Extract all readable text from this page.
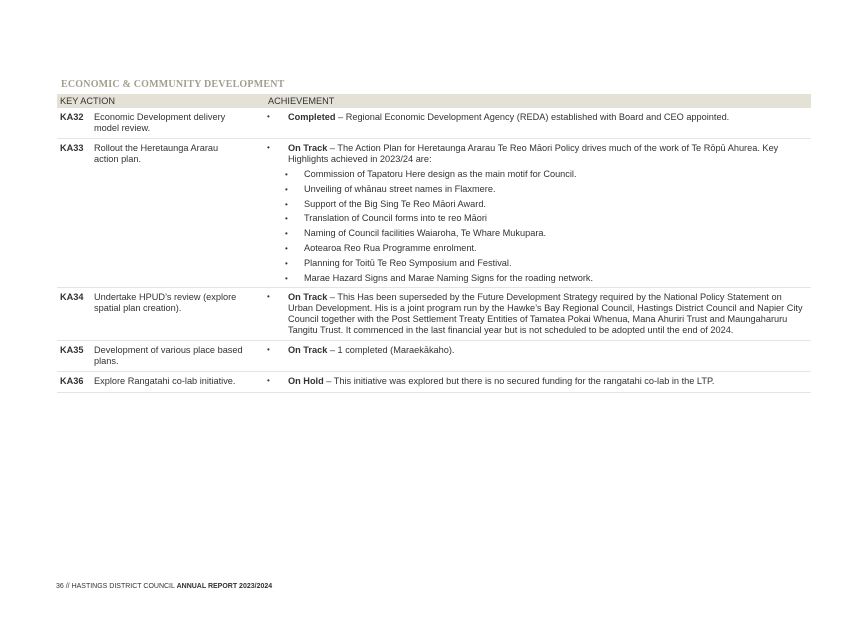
ECONOMIC & COMMUNITY DEVELOPMENT
KEY ACTION	ACHIEVEMENT
KA32 Economic Development delivery model review.
• Completed – Regional Economic Development Agency (REDA) established with Board and CEO appointed.
KA33 Rollout the Heretaunga Ararau action plan.
• On Track – The Action Plan for Heretaunga Ararau Te Reo Māori Policy drives much of the work of Te Rōpū Ahurea. Key Highlights achieved in 2023/24 are:
• Commission of Tapatoru Here design as the main motif for Council.
• Unveiling of whānau street names in Flaxmere.
• Support of the Big Sing Te Reo Māori Award.
• Translation of Council forms into te reo Māori
• Naming of Council facilities Waiaroha, Te Whare Mukupara.
• Aotearoa Reo Rua Programme enrolment.
• Planning for Toitū Te Reo Symposium and Festival.
• Marae Hazard Signs and Marae Naming Signs for the roading network.
KA34 Undertake HPUD’s review (explore spatial plan creation).
• On Track – This Has been superseded by the Future Development Strategy required by the National Policy Statement on Urban Development. His is a joint program run by the Hawke’s Bay Regional Council, Hastings District Council and Napier City Council together with the Post Settlement Treaty Entities of Tamatea Pokai Whenua, Mana Ahuriri Trust and Maungaharuru Tangitu Trust. It commenced in the last financial year but is not scheduled to be adopted until the end of 2024.
KA35 Development of various place based plans.
• On Track – 1 completed (Maraekākaho).
KA36 Explore Rangatahi co-lab initiative.	• On Hold – This initiative was explored but there is no secured funding for the rangatahi co-lab in the LTP.
36 // HASTINGS DISTRICT COUNCIL ANNUAL REPORT 2023/2024
